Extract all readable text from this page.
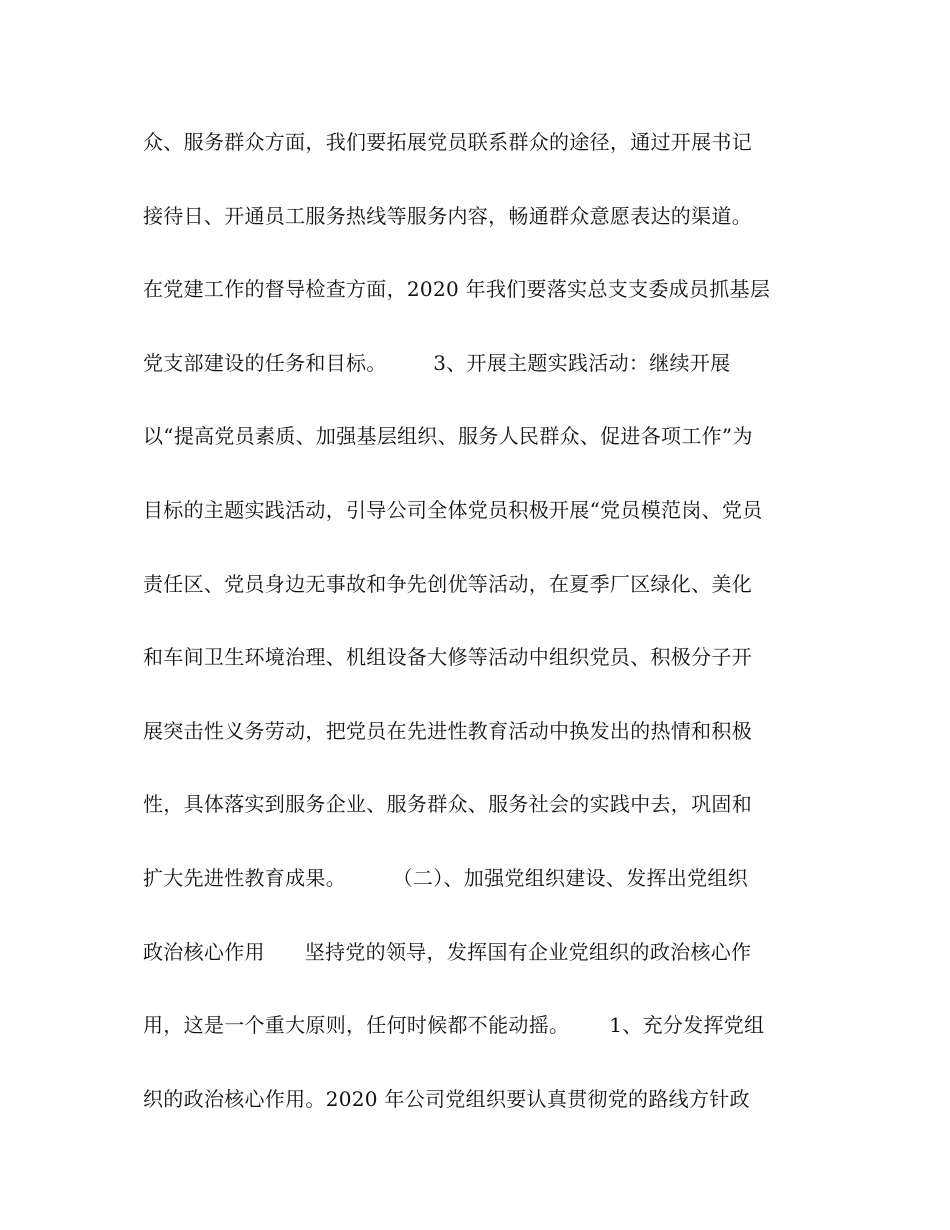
众、服务群众方面，我们要拓展党员联系群众的途径，通过开展书记
接待日、开通员工服务热线等服务内容，畅通群众意愿表达的渠道。
在党建工作的督导检查方面，2020 年我们要落实总支支委成员抓基层
党支部建设的任务和目标。       3、开展主题实践活动：继续开展
以“提高党员素质、加强基层组织、服务人民群众、促进各项工作”为
目标的主题实践活动，引导公司全体党员积极开展“党员模范岗、党员
责任区、党员身边无事故和争先创优等活动，在夏季厂区绿化、美化
和车间卫生环境治理、机组设备大修等活动中组织党员、积极分子开
展突击性义务劳动，把党员在先进性教育活动中换发出的热情和积极
性，具体落实到服务企业、服务群众、服务社会的实践中去，巩固和
扩大先进性教育成果。       （二）、加强党组织建设、发挥出党组织
政治核心作用      坚持党的领导，发挥国有企业党组织的政治核心作
用，这是一个重大原则，任何时候都不能动摇。      1、充分发挥党组
织的政治核心作用。2020 年公司党组织要认真贯彻党的路线方针政
